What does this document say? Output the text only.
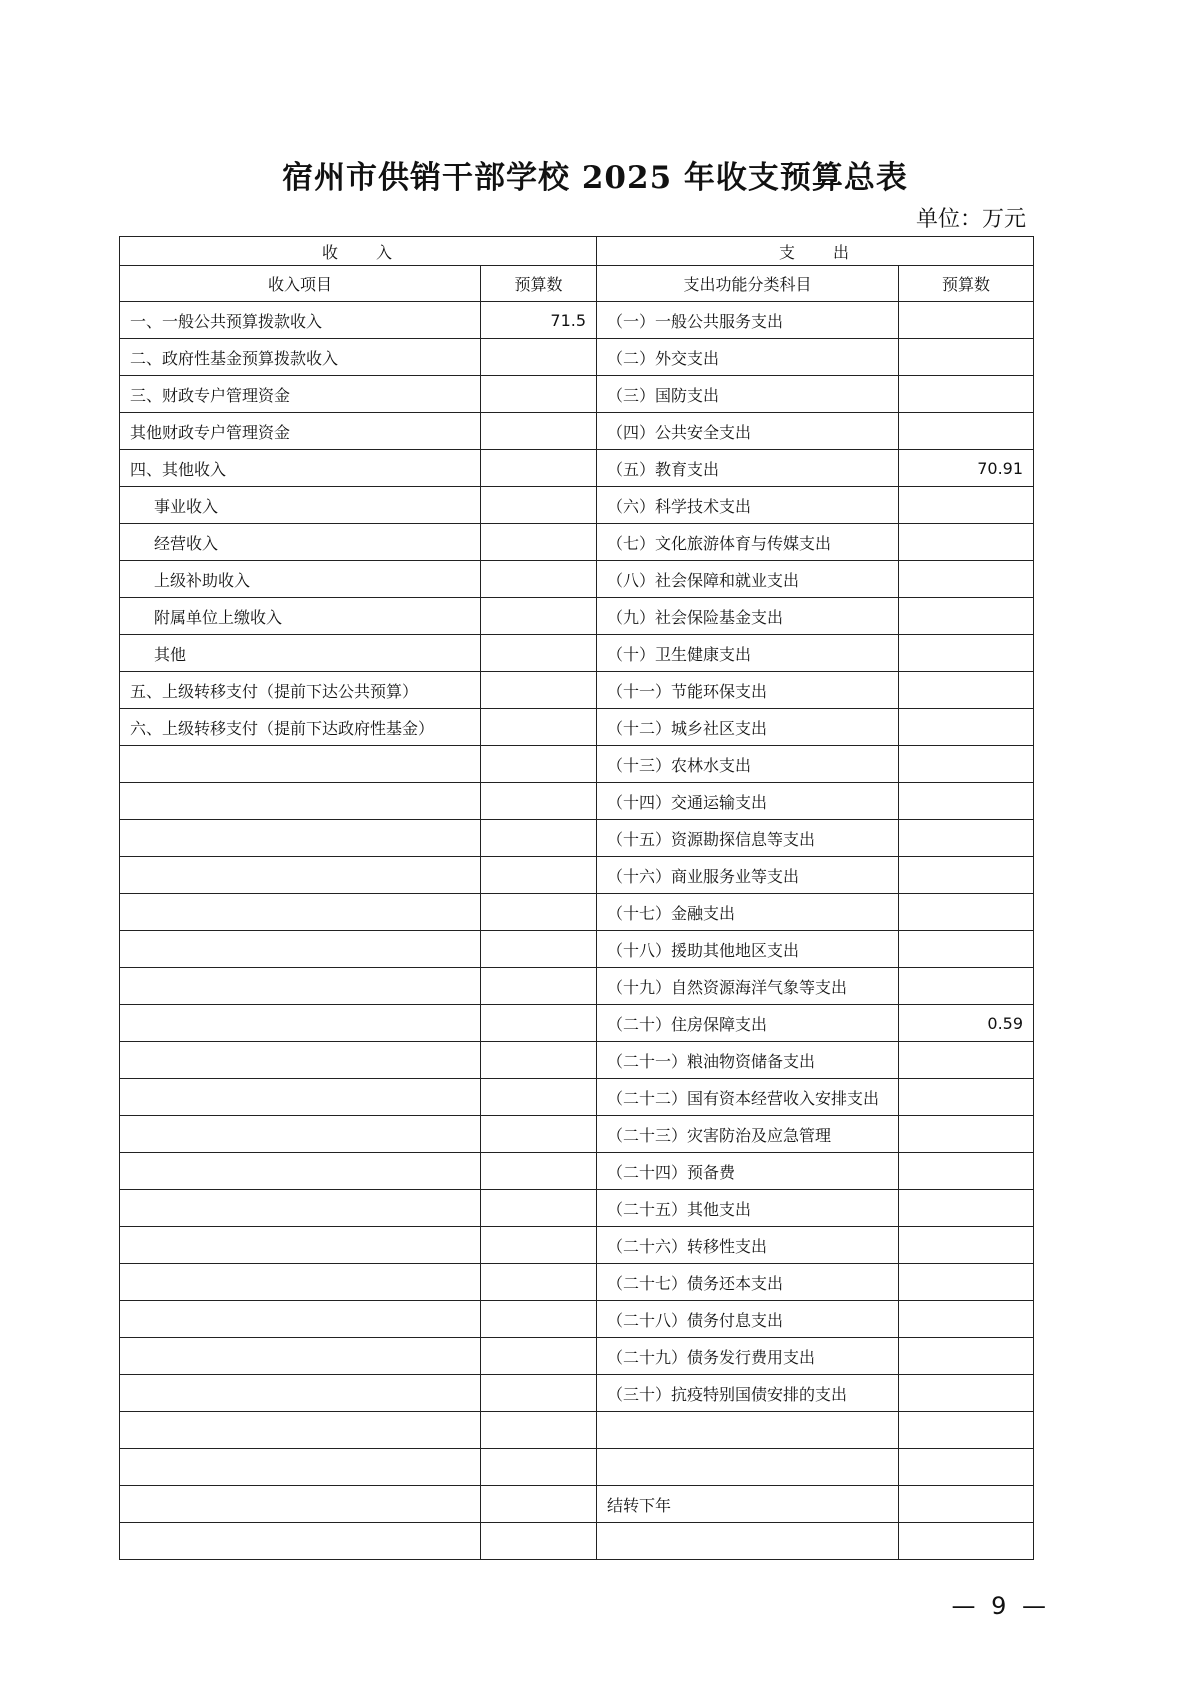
宿州市供销干部学校 2025 年收支预算总表
单位：万元
收　　入		支　　出	
收入项目	预算数	支出功能分类科目	预算数
一、一般公共预算拨款收入	71.5	（一）一般公共服务支出	
二、政府性基金预算拨款收入		（二）外交支出	
三、财政专户管理资金		（三）国防支出	
其他财政专户管理资金		（四）公共安全支出	
四、其他收入		（五）教育支出	70.91
事业收入		（六）科学技术支出	
经营收入		（七）文化旅游体育与传媒支出	
上级补助收入		（八）社会保障和就业支出	
附属单位上缴收入		（九）社会保险基金支出	
其他		（十）卫生健康支出	
五、上级转移支付（提前下达公共预算）		（十一）节能环保支出	
六、上级转移支付（提前下达政府性基金）		（十二）城乡社区支出	
		（十三）农林水支出	
		（十四）交通运输支出	
		（十五）资源勘探信息等支出	
		（十六）商业服务业等支出	
		（十七）金融支出	
		（十八）援助其他地区支出	
		（十九）自然资源海洋气象等支出	
		（二十）住房保障支出	0.59
		（二十一）粮油物资储备支出	
		（二十二）国有资本经营收入安排支出	
		（二十三）灾害防治及应急管理	
		（二十四）预备费	
		（二十五）其他支出	
		（二十六）转移性支出	
		（二十七）债务还本支出	
		（二十八）债务付息支出	
		（二十九）债务发行费用支出	
		（三十）抗疫特别国债安排的支出	

		结转下年	

— 9 —
